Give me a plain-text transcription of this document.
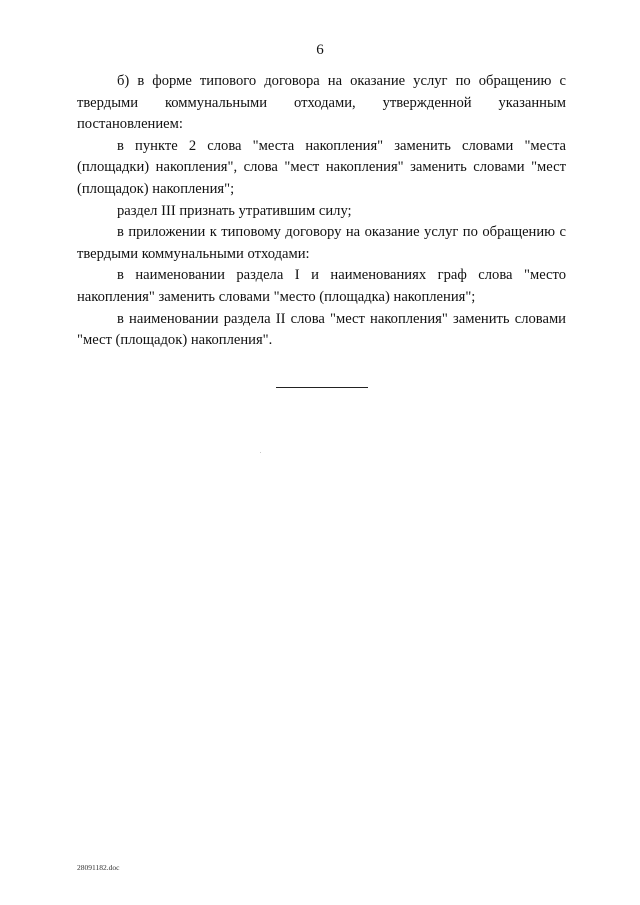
6

б) в форме типового договора на оказание услуг по обращению с твердыми коммунальными отходами, утвержденной указанным постановлением:

в пункте 2 слова "места накопления" заменить словами "места (площадки) накопления", слова "мест накопления" заменить словами "мест (площадок) накопления";

раздел III признать утратившим силу;

в приложении к типовому договору на оказание услуг по обращению с твердыми коммунальными отходами:

в наименовании раздела I и наименованиях граф слова "место накопления" заменить словами "место (площадка) накопления";

в наименовании раздела II слова "мест накопления" заменить словами "мест (площадок) накопления".

28091182.doc
